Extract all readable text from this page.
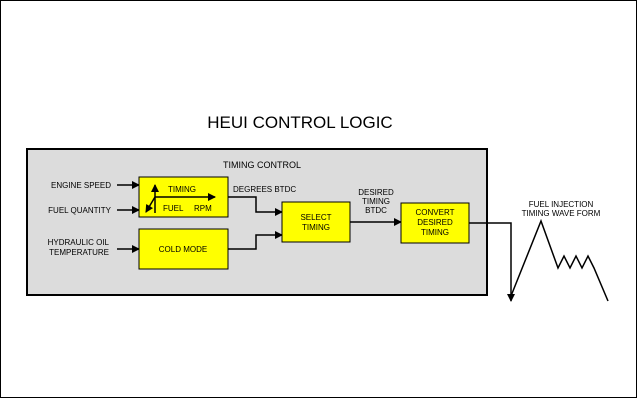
HEUI CONTROL LOGIC
TIMING CONTROL
ENGINE SPEED
FUEL QUANTITY
HYDRAULIC OIL
TEMPERATURE
TIMING
FUEL RPM
COLD MODE
DEGREES BTDC
SELECT
TIMING
DESIRED
TIMING
BTDC	CONVERT
DESIRED
TIMING
FUEL INJECTION
TIMING WAVE FORM
